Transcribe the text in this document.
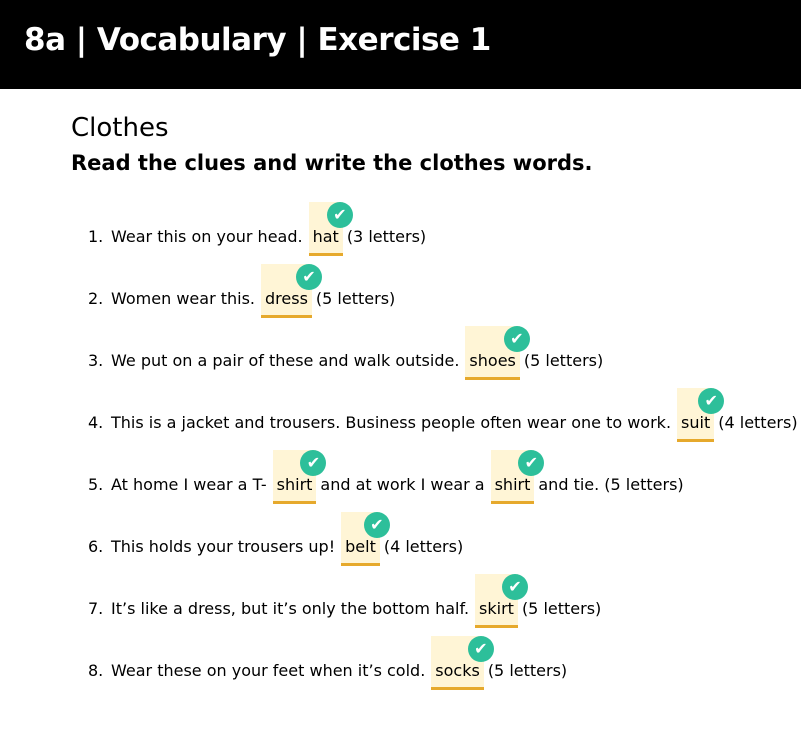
8a | Vocabulary | Exercise 1
Clothes
Read the clues and write the clothes words.
1. Wear this on your head. hat
✔
(3 letters)
2. Women wear this. dress
✔
(5 letters)
3. We put on a pair of these and walk outside. shoes
✔
(5 letters)
4. This is a jacket and trousers. Business people often wear one to work. suit
✔
(4 letters)
5. At home I wear a T- shirt
✔
and at work I wear a shirt
✔
and tie. (5 letters)
6. This holds your trousers up! belt
✔
(4 letters)
7. It’s like a dress, but it’s only the bottom half. skirt
✔
(5 letters)
8. Wear these on your feet when it’s cold. socks
✔
(5 letters)
